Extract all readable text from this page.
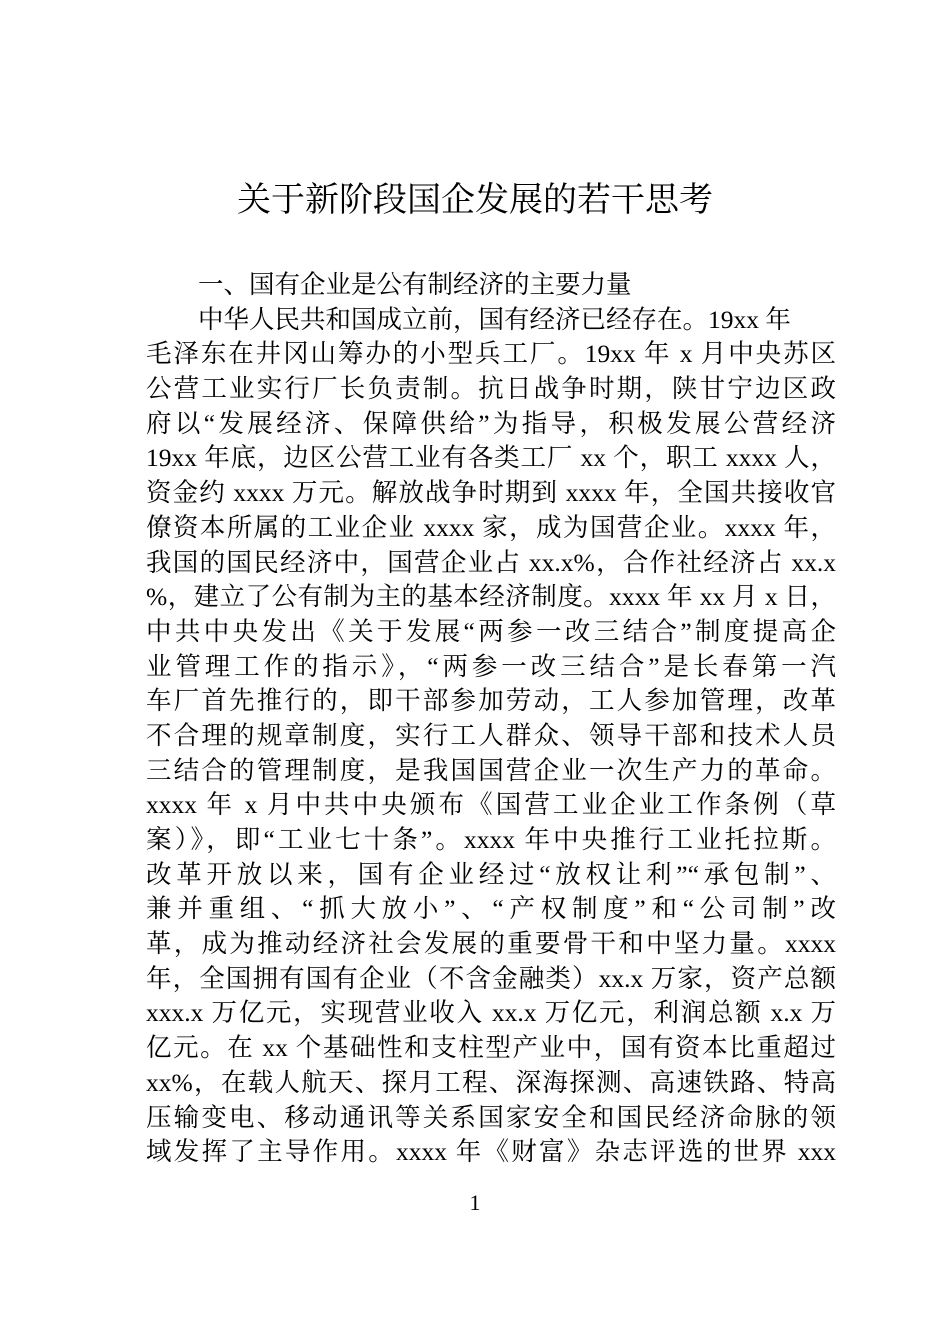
关于新阶段国企发展的若干思考
一、国有企业是公有制经济的主要力量
中华人民共和国成立前，国有经济已经存在。19xx 年
毛泽东在井冈山筹办的小型兵工厂。19xx 年 x 月中央苏区
公营工业实行厂长负责制。抗日战争时期，陕甘宁边区政
府以“发展经济、保障供给”为指导，积极发展公营经济
19xx 年底，边区公营工业有各类工厂 xx 个，职工 xxxx 人，
资金约 xxxx 万元。解放战争时期到 xxxx 年，全国共接收官
僚资本所属的工业企业 xxxx 家，成为国营企业。xxxx 年，
我国的国民经济中，国营企业占 xx.x%，合作社经济占 xx.x
%，建立了公有制为主的基本经济制度。xxxx 年 xx 月 x 日，
中共中央发出《关于发展“两参一改三结合”制度提高企
业管理工作的指示》，“两参一改三结合”是长春第一汽
车厂首先推行的，即干部参加劳动，工人参加管理，改革
不合理的规章制度，实行工人群众、领导干部和技术人员
三结合的管理制度，是我国国营企业一次生产力的革命。
xxxx 年 x 月中共中央颁布《国营工业企业工作条例（草
案）》，即“工业七十条”。xxxx 年中央推行工业托拉斯。
改革开放以来，国有企业经过“放权让利”“承包制”、
兼并重组、“抓大放小”、“产权制度”和“公司制”改
革，成为推动经济社会发展的重要骨干和中坚力量。xxxx
年，全国拥有国有企业（不含金融类）xx.x 万家，资产总额
xxx.x 万亿元，实现营业收入 xx.x 万亿元，利润总额 x.x 万
亿元。在 xx 个基础性和支柱型产业中，国有资本比重超过
xx%，在载人航天、探月工程、深海探测、高速铁路、特高
压输变电、移动通讯等关系国家安全和国民经济命脉的领
域发挥了主导作用。xxxx 年《财富》杂志评选的世界 xxx
1
